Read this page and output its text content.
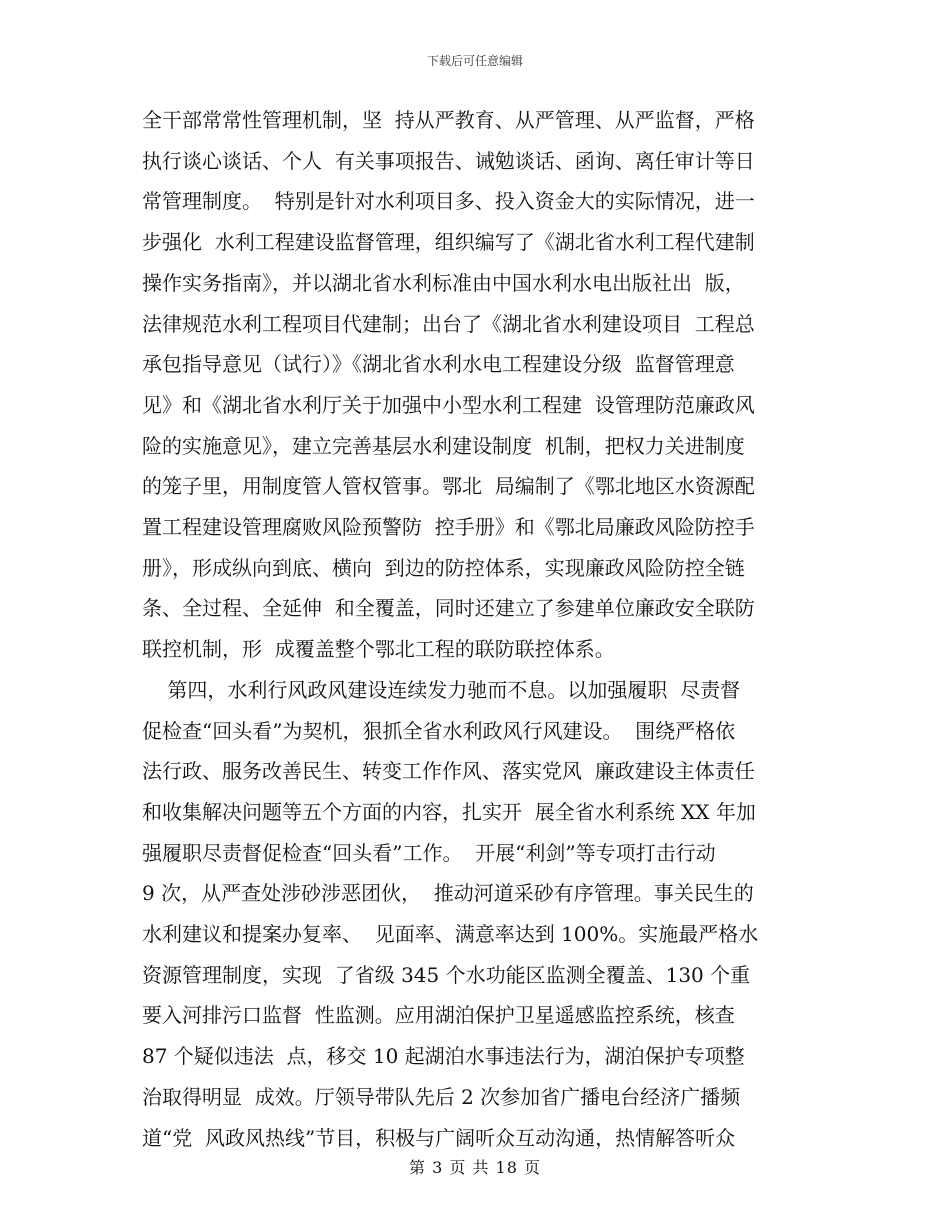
下载后可任意编辑
全干部常常性管理机制，坚  持从严教育、从严管理、从严监督，严格
执行谈心谈话、个人  有关事项报告、诫勉谈话、函询、离任审计等日
常管理制度。  特别是针对水利项目多、投入资金大的实际情况，进一
步强化  水利工程建设监督管理，组织编写了《湖北省水利工程代建制
操作实务指南》，并以湖北省水利标准由中国水利水电出版社出  版，
法律规范水利工程项目代建制；出台了《湖北省水利建设项目  工程总
承包指导意见（试行）》《湖北省水利水电工程建设分级  监督管理意
见》和《湖北省水利厅关于加强中小型水利工程建  设管理防范廉政风
险的实施意见》，建立完善基层水利建设制度  机制，把权力关进制度
的笼子里，用制度管人管权管事。鄂北  局编制了《鄂北地区水资源配
置工程建设管理腐败风险预警防  控手册》和《鄂北局廉政风险防控手
册》，形成纵向到底、横向  到边的防控体系，实现廉政风险防控全链
条、全过程、全延伸  和全覆盖，同时还建立了参建单位廉政安全联防
联控机制，形  成覆盖整个鄂北工程的联防联控体系。
第四，水利行风政风建设连续发力驰而不息。以加强履职  尽责督
促检查“回头看”为契机，狠抓全省水利政风行风建设。  围绕严格依
法行政、服务改善民生、转变工作作风、落实党风  廉政建设主体责任
和收集解决问题等五个方面的内容，扎实开  展全省水利系统 XX 年加
强履职尽责督促检查“回头看”工作。  开展“利剑”等专项打击行动
9 次，从严查处涉砂涉恶团伙，  推动河道采砂有序管理。事关民生的
水利建议和提案办复率、  见面率、满意率达到 100%。实施最严格水
资源管理制度，实现  了省级 345 个水功能区监测全覆盖、130 个重
要入河排污口监督  性监测。应用湖泊保护卫星遥感监控系统，核查
87 个疑似违法  点，移交 10 起湖泊水事违法行为，湖泊保护专项整
治取得明显  成效。厅领导带队先后 2 次参加省广播电台经济广播频
道“党  风政风热线”节目，积极与广阔听众互动沟通，热情解答听众
第 3 页 共 18 页
